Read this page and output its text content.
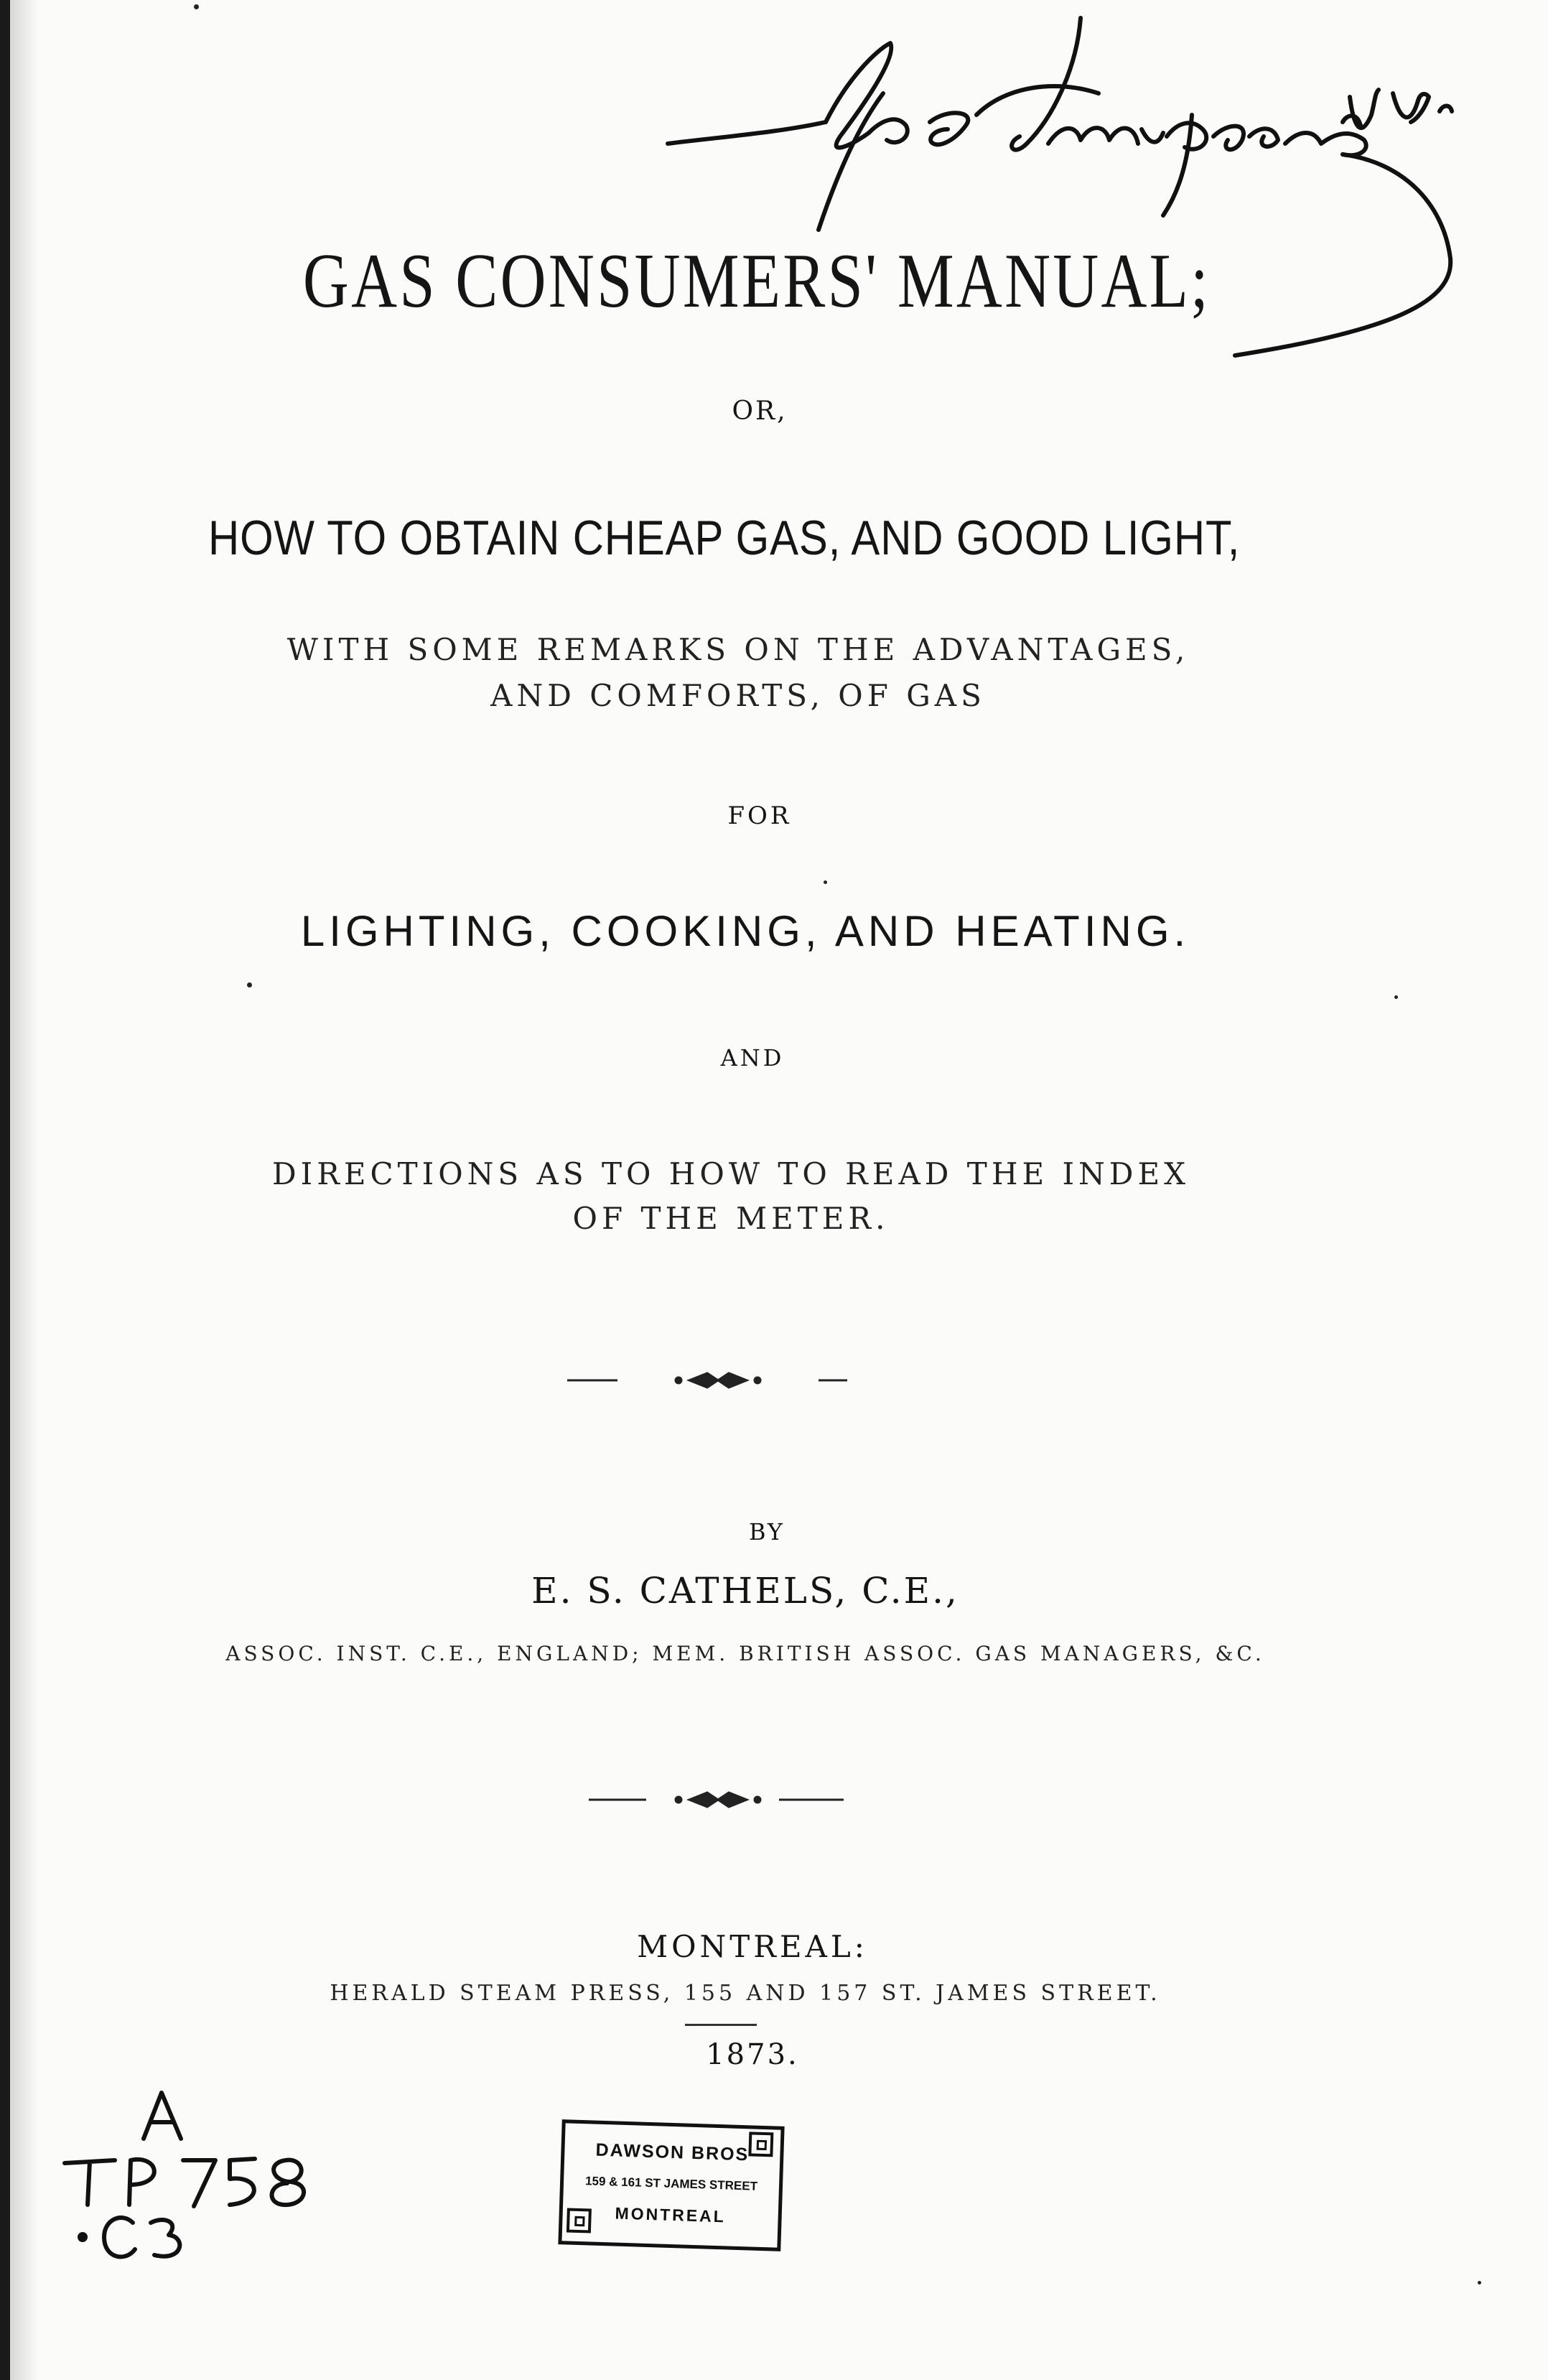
Geo Simpson
GAS CONSUMERS' MANUAL;
OR,
HOW TO OBTAIN CHEAP GAS, AND GOOD LIGHT,
WITH SOME REMARKS ON THE ADVANTAGES,
AND COMFORTS, OF GAS
FOR
LIGHTING, COOKING, AND HEATING.
AND
DIRECTIONS AS TO HOW TO READ THE INDEX
OF THE METER.
BY
E. S. CATHELS, C.E.,
ASSOC. INST. C.E., ENGLAND; MEM. BRITISH ASSOC. GAS MANAGERS, &C.
MONTREAL:
HERALD STEAM PRESS, 155 AND 157 ST. JAMES STREET.
1873.
TP 758
DAWSON BROS
159 & 161 ST JAMES STREET
MONTREAL
